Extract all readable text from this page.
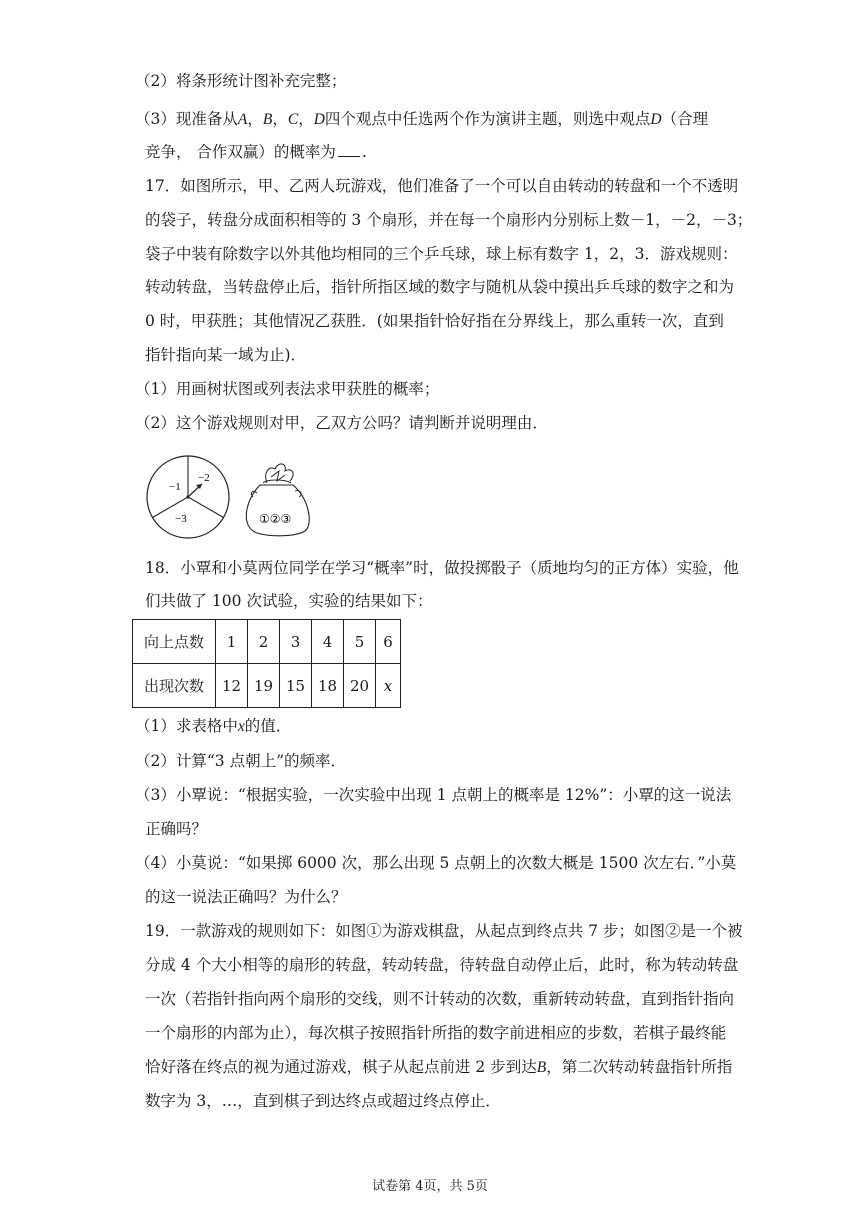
（2）将条形统计图补充完整；
（3）现准备从A，B，C，D四个观点中任选两个作为演讲主题，则选中观点D（合理
竞争， 合作双赢）的概率为 .
17．如图所示，甲、乙两人玩游戏，他们准备了一个可以自由转动的转盘和一个不透明
的袋子，转盘分成面积相等的 3 个扇形，并在每一个扇形内分别标上数－1，－2，－3；
袋子中装有除数字以外其他均相同的三个乒乓球，球上标有数字 1，2，3．游戏规则：
转动转盘，当转盘停止后，指针所指区域的数字与随机从袋中摸出乒乓球的数字之和为
0 时，甲获胜；其他情况乙获胜．(如果指针恰好指在分界线上，那么重转一次，直到
指针指向某一域为止)．
（1）用画树状图或列表法求甲获胜的概率；
（2）这个游戏规则对甲，乙双方公吗？请判断并说明理由．
−1
−2
−3	①②③
18．小覃和小莫两位同学在学习“概率”时，做投掷骰子（质地均匀的正方体）实验，他
们共做了 100 次试验，实验的结果如下：
向上点数	1	2	3	4	5	6
出现次数	12	19	15	18	20	x
（1）求表格中x的值．
（2）计算“3 点朝上”的频率．
（3）小覃说：“根据实验，一次实验中出现 1 点朝上的概率是 12%”：小覃的这一说法
正确吗？
（4）小莫说：“如果掷 6000 次，那么出现 5 点朝上的次数大概是 1500 次左右．”小莫
的这一说法正确吗？为什么？
19．一款游戏的规则如下：如图①为游戏棋盘，从起点到终点共 7 步；如图②是一个被
分成 4 个大小相等的扇形的转盘，转动转盘，待转盘自动停止后，此时，称为转动转盘
一次（若指针指向两个扇形的交线，则不计转动的次数，重新转动转盘，直到指针指向
一个扇形的内部为止），每次棋子按照指针所指的数字前进相应的步数，若棋子最终能
恰好落在终点的视为通过游戏，棋子从起点前进 2 步到达B，第二次转动转盘指针所指
数字为 3，…，直到棋子到达终点或超过终点停止．
试卷第 4页，共 5页
